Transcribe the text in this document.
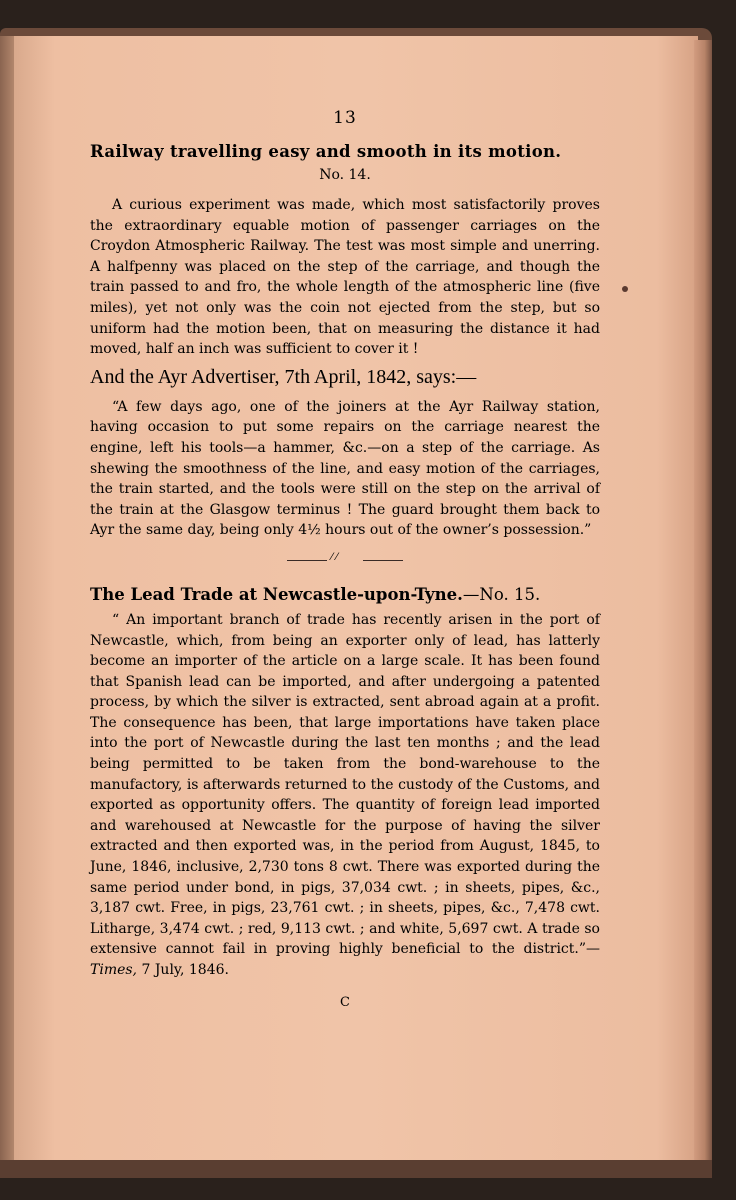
13
Railway travelling easy and smooth in its motion.
No. 14.

A curious experiment was made, which most satisfactorily proves the extraordinary equable motion of passenger carriages on the Croydon Atmospheric Railway. The test was most simple and unerring. A halfpenny was placed on the step of the carriage, and though the train passed to and fro, the whole length of the atmospheric line (five miles), yet not only was the coin not ejected from the step, but so uniform had the motion been, that on measuring the distance it had moved, half an inch was sufficient to cover it !

And the Ayr Advertiser, 7th April, 1842, says:—

“A few days ago, one of the joiners at the Ayr Railway station, having occasion to put some repairs on the carriage nearest the engine, left his tools—a hammer, &c.—on a step of the carriage. As shewing the smoothness of the line, and easy motion of the carriages, the train started, and the tools were still on the step on the arrival of the train at the Glasgow terminus ! The guard brought them back to Ayr the same day, being only 4½ hours out of the owner’s possession.”

⁄ ⁄
The Lead Trade at Newcastle-upon-Tyne.—No. 15.

“ An important branch of trade has recently arisen in the port of Newcastle, which, from being an exporter only of lead, has latterly become an importer of the article on a large scale. It has been found that Spanish lead can be imported, and after undergoing a patented process, by which the silver is extracted, sent abroad again at a profit. The consequence has been, that large importations have taken place into the port of Newcastle during the last ten months ; and the lead being permitted to be taken from the bond-warehouse to the manufactory, is afterwards returned to the custody of the Customs, and exported as opportunity offers. The quantity of foreign lead imported and warehoused at Newcastle for the purpose of having the silver extracted and then exported was, in the period from August, 1845, to June, 1846, inclusive, 2,730 tons 8 cwt. There was exported during the same period under bond, in pigs, 37,034 cwt. ; in sheets, pipes, &c., 3,187 cwt. Free, in pigs, 23,761 cwt. ; in sheets, pipes, &c., 7,478 cwt. Litharge, 3,474 cwt. ; red, 9,113 cwt. ; and white, 5,697 cwt. A trade so extensive cannot fail in proving highly beneficial to the district.”—Times, 7 July, 1846.

C
